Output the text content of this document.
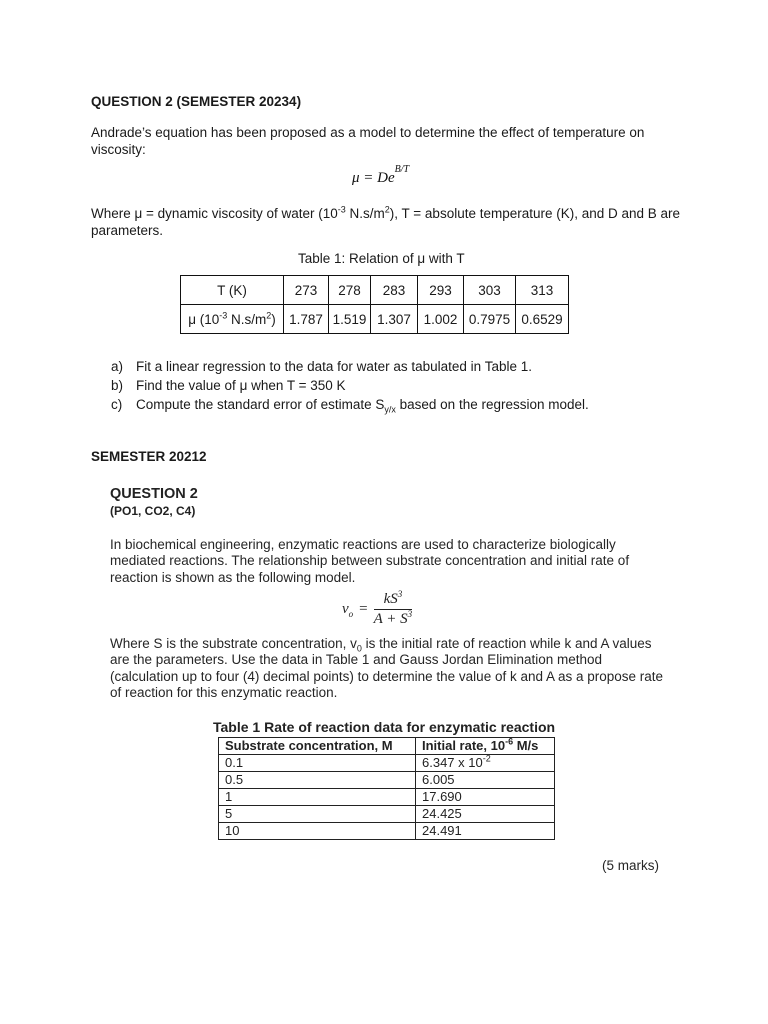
QUESTION 2 (SEMESTER 20234)
Andrade’s equation has been proposed as a model to determine the effect of temperature on viscosity:
$\mu = De^{B/T}$
Where μ = dynamic viscosity of water ($10^{-3}$ $N.s/m^2$), T = absolute temperature (K), and D and B are parameters.
Table 1: Relation of μ with T
T (K)	273	278	283	293	303	313
μ ($10^{-3}$ $N.s/m^2$)	1.787	1.519	1.307	1.002	0.7975	0.6529
a) Fit a linear regression to the data for water as tabulated in Table 1.
b) Find the value of μ when T = 350 K
c) Compute the standard error of estimate $S_{y/x}$ based on the regression model.
SEMESTER 20212
QUESTION 2
(PO1, CO2, C4)
In biochemical engineering, enzymatic reactions are used to characterize biologically mediated reactions. The relationship between substrate concentration and initial rate of reaction is shown as the following model.
$v_o = \frac{kS^3}{A + S^3}$
Where S is the substrate concentration, $v_0$ is the initial rate of reaction while k and A values are the parameters. Use the data in Table 1 and Gauss Jordan Elimination method (calculation up to four (4) decimal points) to determine the value of k and A as a propose rate of reaction for this enzymatic reaction.
Table 1 Rate of reaction data for enzymatic reaction
Substrate concentration, M	Initial rate, $10^{-6}$ M/s
0.1	6.347 x $10^{-2}$
0.5	6.005
1	17.690
5	24.425
10	24.491
(5 marks)
